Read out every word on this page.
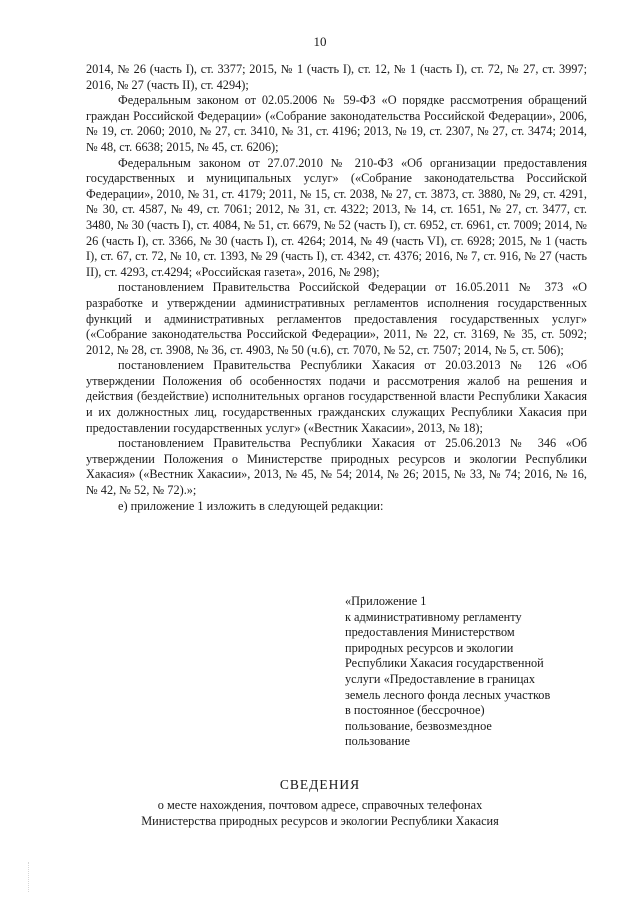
10

2014, № 26 (часть I), ст. 3377; 2015, № 1 (часть I), ст. 12, № 1 (часть I), ст. 72, № 27, ст. 3997; 2016, № 27 (часть II), ст. 4294);

Федеральным законом от 02.05.2006 № 59-ФЗ «О порядке рассмотрения обращений граждан Российской Федерации» («Собрание законодательства Российской Федерации», 2006, № 19, ст. 2060; 2010, № 27, ст. 3410, № 31, ст. 4196; 2013, № 19, ст. 2307, № 27, ст. 3474; 2014, № 48, ст. 6638; 2015, № 45, ст. 6206);

Федеральным законом от 27.07.2010 № 210-ФЗ «Об организации предоставления государственных и муниципальных услуг» («Собрание законодательства Российской Федерации», 2010, № 31, ст. 4179; 2011, № 15, ст. 2038, № 27, ст. 3873, ст. 3880, № 29, ст. 4291, № 30, ст. 4587, № 49, ст. 7061; 2012, № 31, ст. 4322; 2013, № 14, ст. 1651, № 27, ст. 3477, ст. 3480, № 30 (часть I), ст. 4084, № 51, ст. 6679, № 52 (часть I), ст. 6952, ст. 6961, ст. 7009; 2014, № 26 (часть I), ст. 3366, № 30 (часть I), ст. 4264; 2014, № 49 (часть VI), ст. 6928; 2015, № 1 (часть I), ст. 67, ст. 72, № 10, ст. 1393, № 29 (часть I), ст. 4342, ст. 4376; 2016, № 7, ст. 916, № 27 (часть II), ст. 4293, ст.4294; «Российская газета», 2016, № 298);

постановлением Правительства Российской Федерации от 16.05.2011 № 373 «О разработке и утверждении административных регламентов исполнения государственных функций и административных регламентов предоставления государственных услуг» («Собрание законодательства Российской Федерации», 2011, № 22, ст. 3169, № 35, ст. 5092; 2012, № 28, ст. 3908, № 36, ст. 4903, № 50 (ч.6), ст. 7070, № 52, ст. 7507; 2014, № 5, ст. 506);

постановлением Правительства Республики Хакасия от 20.03.2013 № 126 «Об утверждении Положения об особенностях подачи и рассмотрения жалоб на решения и действия (бездействие) исполнительных органов государственной власти Республики Хакасия и их должностных лиц, государственных гражданских служащих Республики Хакасия при предоставлении государственных услуг» («Вестник Хакасии», 2013, № 18);

постановлением Правительства Республики Хакасия от 25.06.2013 № 346 «Об утверждении Положения о Министерстве природных ресурсов и экологии Республики Хакасия» («Вестник Хакасии», 2013, № 45, № 54; 2014, № 26; 2015, № 33, № 74; 2016, № 16, № 42, № 52, № 72).»;

е) приложение 1 изложить в следующей редакции:

«Приложение 1
к административному регламенту
предоставления Министерством
природных ресурсов и экологии
Республики Хакасия государственной
услуги «Предоставление в границах
земель лесного фонда лесных участков
в постоянное (бессрочное)
пользование, безвозмездное
пользование
СВЕДЕНИЯ
о месте нахождения, почтовом адресе, справочных телефонах
Министерства природных ресурсов и экологии Республики Хакасия
